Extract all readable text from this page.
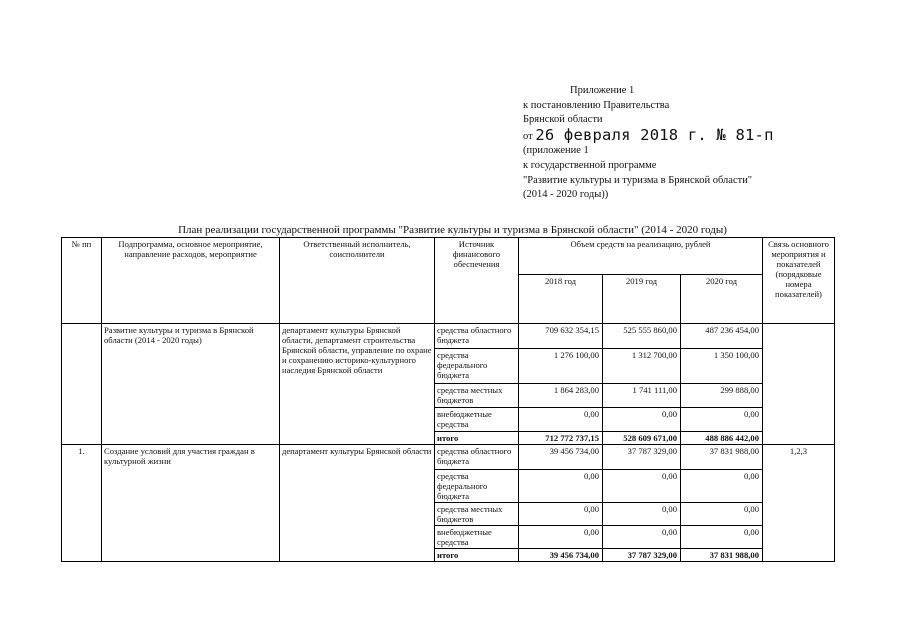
Приложение 1
к постановлению Правительства
Брянской области
от 26 февраля 2018 г. № 81-п
(приложение 1
к государственной программе
"Развитие культуры и туризма в Брянской области"
(2014 - 2020 годы))
План реализации государственной программы "Развитие культуры и туризма в Брянской области" (2014 - 2020 годы)
№ пп	Подпрограмма, основное мероприятие, направление расходов, мероприятие	Ответственный исполнитель, соисполнители	Источник финансового обеспечения	Объем средств на реализацию, рублей			Связь основного мероприятия и показателей (порядковые номера показателей)
				2018 год	2019 год	2020 год	
	Развитие культуры и туризма в Брянской области (2014 - 2020 годы)	департамент культуры Брянской области, департамент строительства Брянской области, управление по охране и сохранению историко-культурного наследия Брянской области	средства областного бюджета	709 632 354,15	525 555 860,00	487 236 454,00	
			средства федерального бюджета	1 276 100,00	1 312 700,00	1 350 100,00	
			средства местных бюджетов	1 864 283,00	1 741 111,00	299 888,00	
			внебюджетные средства	0,00	0,00	0,00	
			итого	712 772 737,15	528 609 671,00	488 886 442,00	
1.	Создание условий для участия граждан в культурной жизни	департамент культуры Брянской области	средства областного бюджета	39 456 734,00	37 787 329,00	37 831 988,00	1,2,3
			средства федерального бюджета	0,00	0,00	0,00	
			средства местных бюджетов	0,00	0,00	0,00	
			внебюджетные средства	0,00	0,00	0,00	
			итого	39 456 734,00	37 787 329,00	37 831 988,00	
